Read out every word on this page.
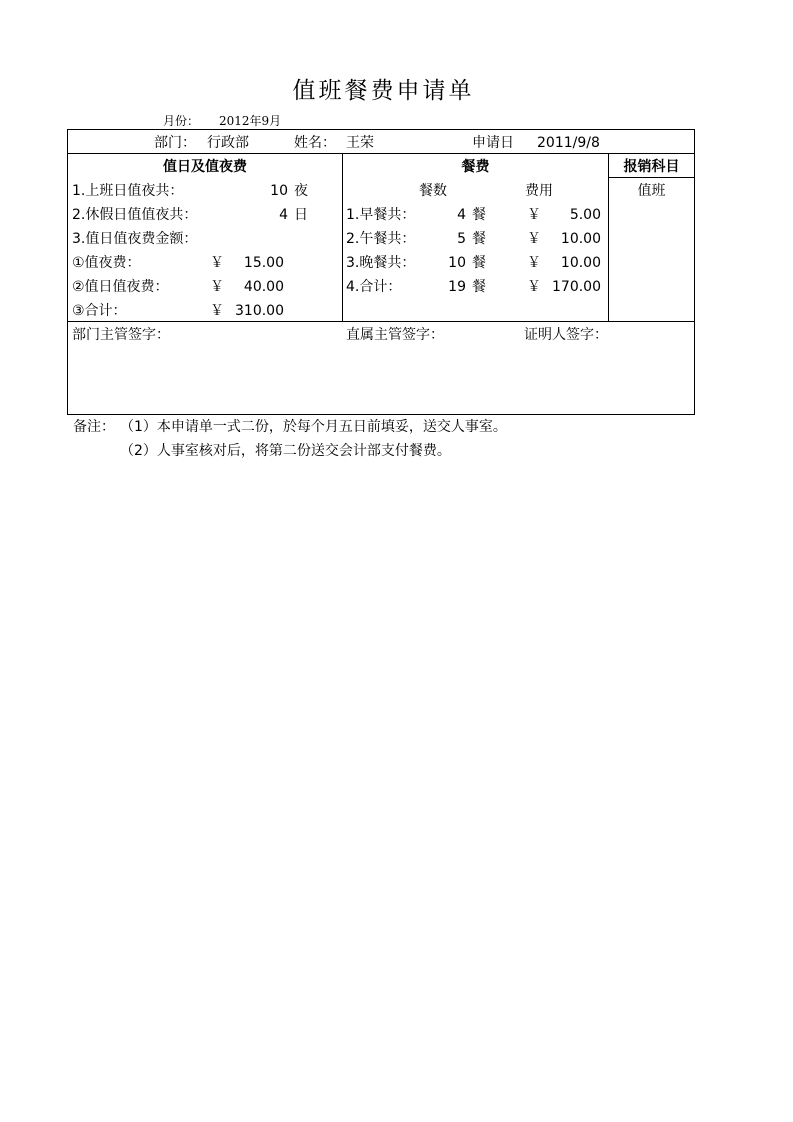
值班餐费申请单
月份： 2012年9月
部门： 行政部	姓名： 王荣	申请日 2011/9/8
值日及值夜费	餐费	报销科目
值班
1.上班日值夜共：	10 夜
2.休假日值值夜共：	4 日
3.值日值夜费金额：
①值夜费：	￥	15.00
②值日值夜费：	￥	40.00
③合计：	￥ 310.00
餐数	费用
1.早餐共：	4 餐	￥	5.00
2.午餐共：	5 餐	￥	10.00
3.晚餐共：	10 餐	￥	10.00
4.合计：	19 餐	￥ 170.00
部门主管签字：	直属主管签字：	证明人签字：
备注： （1）本申请单一式二份，於每个月五日前填妥，送交人事室。
（2）人事室核对后，将第二份送交会计部支付餐费。
